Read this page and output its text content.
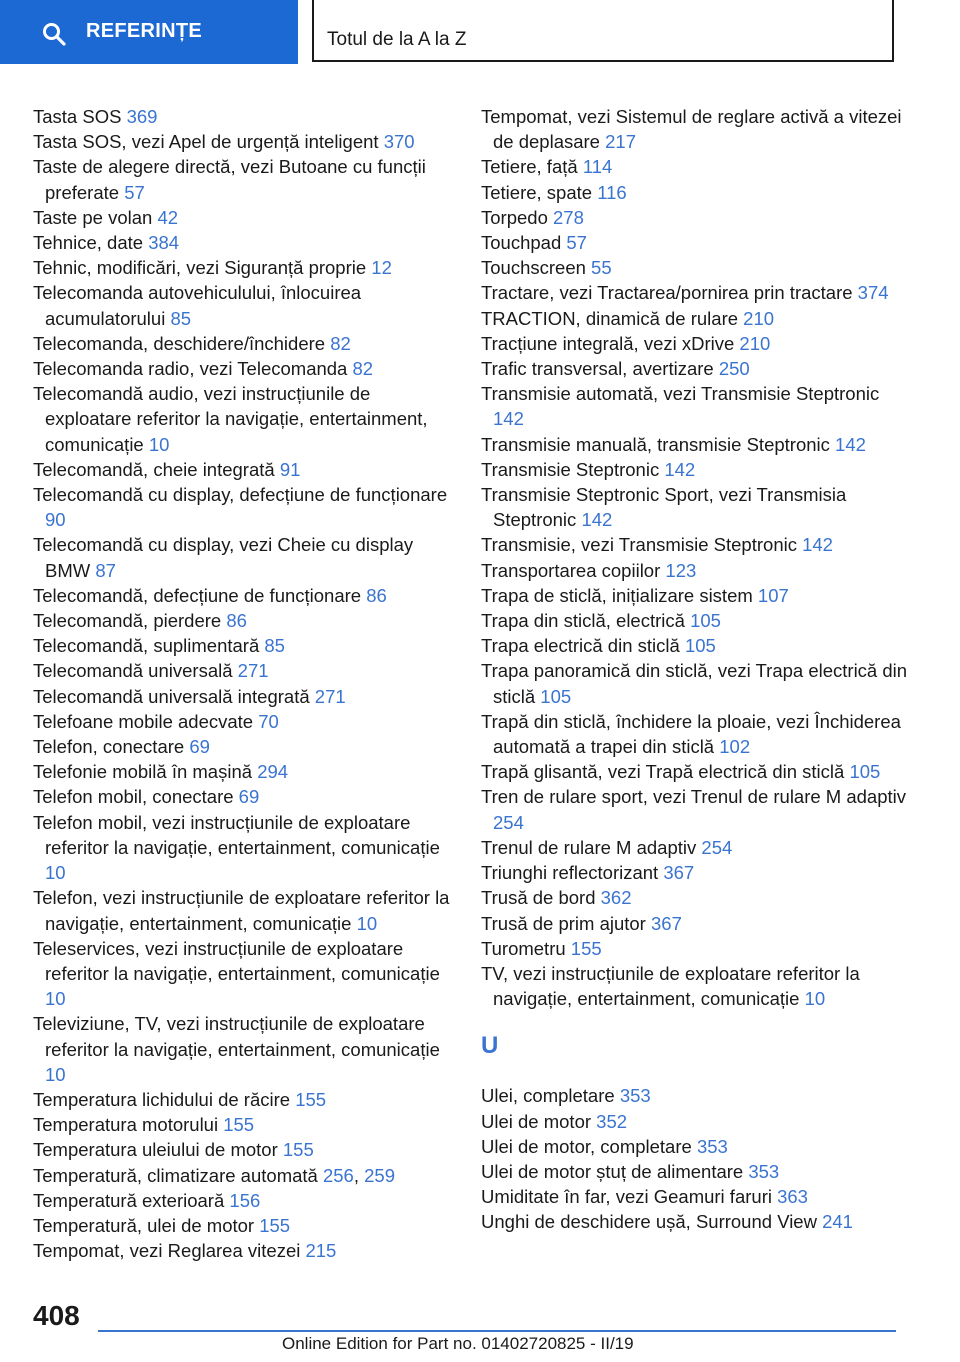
REFERINȚE	Totul de la A la Z
Tasta SOS 369
Tasta SOS, vezi Apel de urgență inteligent 370
Taste de alegere directă, vezi Butoane cu funcții preferate 57
Taste pe volan 42
Tehnice, date 384
Tehnic, modificări, vezi Siguranță proprie 12
Telecomanda autovehiculului, înlocuirea acumulatorului 85
Telecomanda, deschidere/închidere 82
Telecomanda radio, vezi Telecomanda 82
Telecomandă audio, vezi instrucțiunile de exploatare referitor la navigație, entertainment, comunicație 10
Telecomandă, cheie integrată 91
Telecomandă cu display, defecțiune de funcționare 90
Telecomandă cu display, vezi Cheie cu display BMW 87
Telecomandă, defecțiune de funcționare 86
Telecomandă, pierdere 86
Telecomandă, suplimentară 85
Telecomandă universală 271
Telecomandă universală integrată 271
Telefoane mobile adecvate 70
Telefon, conectare 69
Telefonie mobilă în mașină 294
Telefon mobil, conectare 69
Telefon mobil, vezi instrucțiunile de exploatare referitor la navigație, entertainment, comunicație 10
Telefon, vezi instrucțiunile de exploatare referitor la navigație, entertainment, comunicație 10
Teleservices, vezi instrucțiunile de exploatare referitor la navigație, entertainment, comunicație 10
Televiziune, TV, vezi instrucțiunile de exploatare referitor la navigație, entertainment, comunicație 10
Temperatura lichidului de răcire 155
Temperatura motorului 155
Temperatura uleiului de motor 155
Temperatură, climatizare automată 256, 259
Temperatură exterioară 156
Temperatură, ulei de motor 155
Tempomat, vezi Reglarea vitezei 215
Tempomat, vezi Sistemul de reglare activă a vitezei de deplasare 217
Tetiere, față 114
Tetiere, spate 116
Torpedo 278
Touchpad 57
Touchscreen 55
Tractare, vezi Tractarea/pornirea prin tractare 374
TRACTION, dinamică de rulare 210
Tracțiune integrală, vezi xDrive 210
Trafic transversal, avertizare 250
Transmisie automată, vezi Transmisie Steptronic 142
Transmisie manuală, transmisie Steptronic 142
Transmisie Steptronic 142
Transmisie Steptronic Sport, vezi Transmisia Steptronic 142
Transmisie, vezi Transmisie Steptronic 142
Transportarea copiilor 123
Trapa de sticlă, inițializare sistem 107
Trapa din sticlă, electrică 105
Trapa electrică din sticlă 105
Trapa panoramică din sticlă, vezi Trapa electrică din sticlă 105
Trapă din sticlă, închidere la ploaie, vezi Închiderea automată a trapei din sticlă 102
Trapă glisantă, vezi Trapă electrică din sticlă 105
Tren de rulare sport, vezi Trenul de rulare M adaptiv 254
Trenul de rulare M adaptiv 254
Triunghi reflectorizant 367
Trusă de bord 362
Trusă de prim ajutor 367
Turometru 155
TV, vezi instrucțiunile de exploatare referitor la navigație, entertainment, comunicație 10
U
Ulei, completare 353
Ulei de motor 352
Ulei de motor, completare 353
Ulei de motor ștuț de alimentare 353
Umiditate în far, vezi Geamuri faruri 363
Unghi de deschidere ușă, Surround View 241
408
Online Edition for Part no. 01402720825 - II/19
